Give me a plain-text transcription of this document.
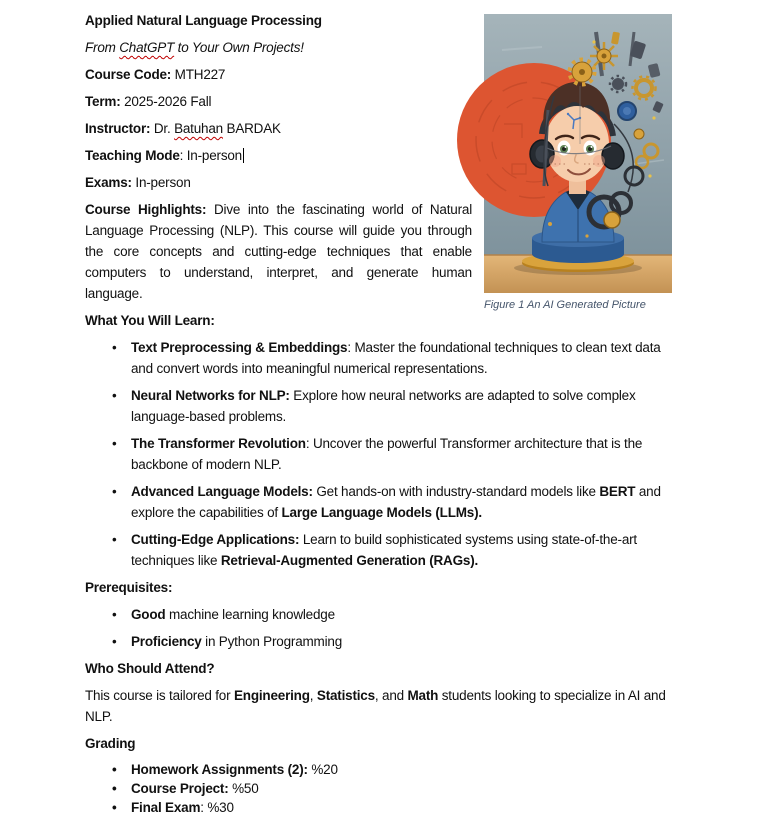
Figure 1 An AI Generated Picture

Applied Natural Language Processing

From ChatGPT to Your Own Projects!

Course Code: MTH227

Term: 2025-2026 Fall

Instructor: Dr. Batuhan BARDAK

Teaching Mode: In-person

Exams: In-person

Course Highlights: Dive into the fascinating world of Natural Language Processing (NLP). This course will guide you through the core concepts and cutting-edge techniques that enable computers to understand, interpret, and generate human language.

What You Will Learn:

• Text Preprocessing & Embeddings: Master the foundational techniques to clean text data and convert words into meaningful numerical representations.
• Neural Networks for NLP: Explore how neural networks are adapted to solve complex language-based problems.
• The Transformer Revolution: Uncover the powerful Transformer architecture that is the backbone of modern NLP.
• Advanced Language Models: Get hands-on with industry-standard models like BERT and explore the capabilities of Large Language Models (LLMs).
• Cutting-Edge Applications: Learn to build sophisticated systems using state-of-the-art techniques like Retrieval-Augmented Generation (RAGs).

Prerequisites:

• Good machine learning knowledge
• Proficiency in Python Programming

Who Should Attend?

This course is tailored for Engineering, Statistics, and Math students looking to specialize in AI and NLP.

Grading

• Homework Assignments (2): %20
• Course Project: %50
• Final Exam: %30
